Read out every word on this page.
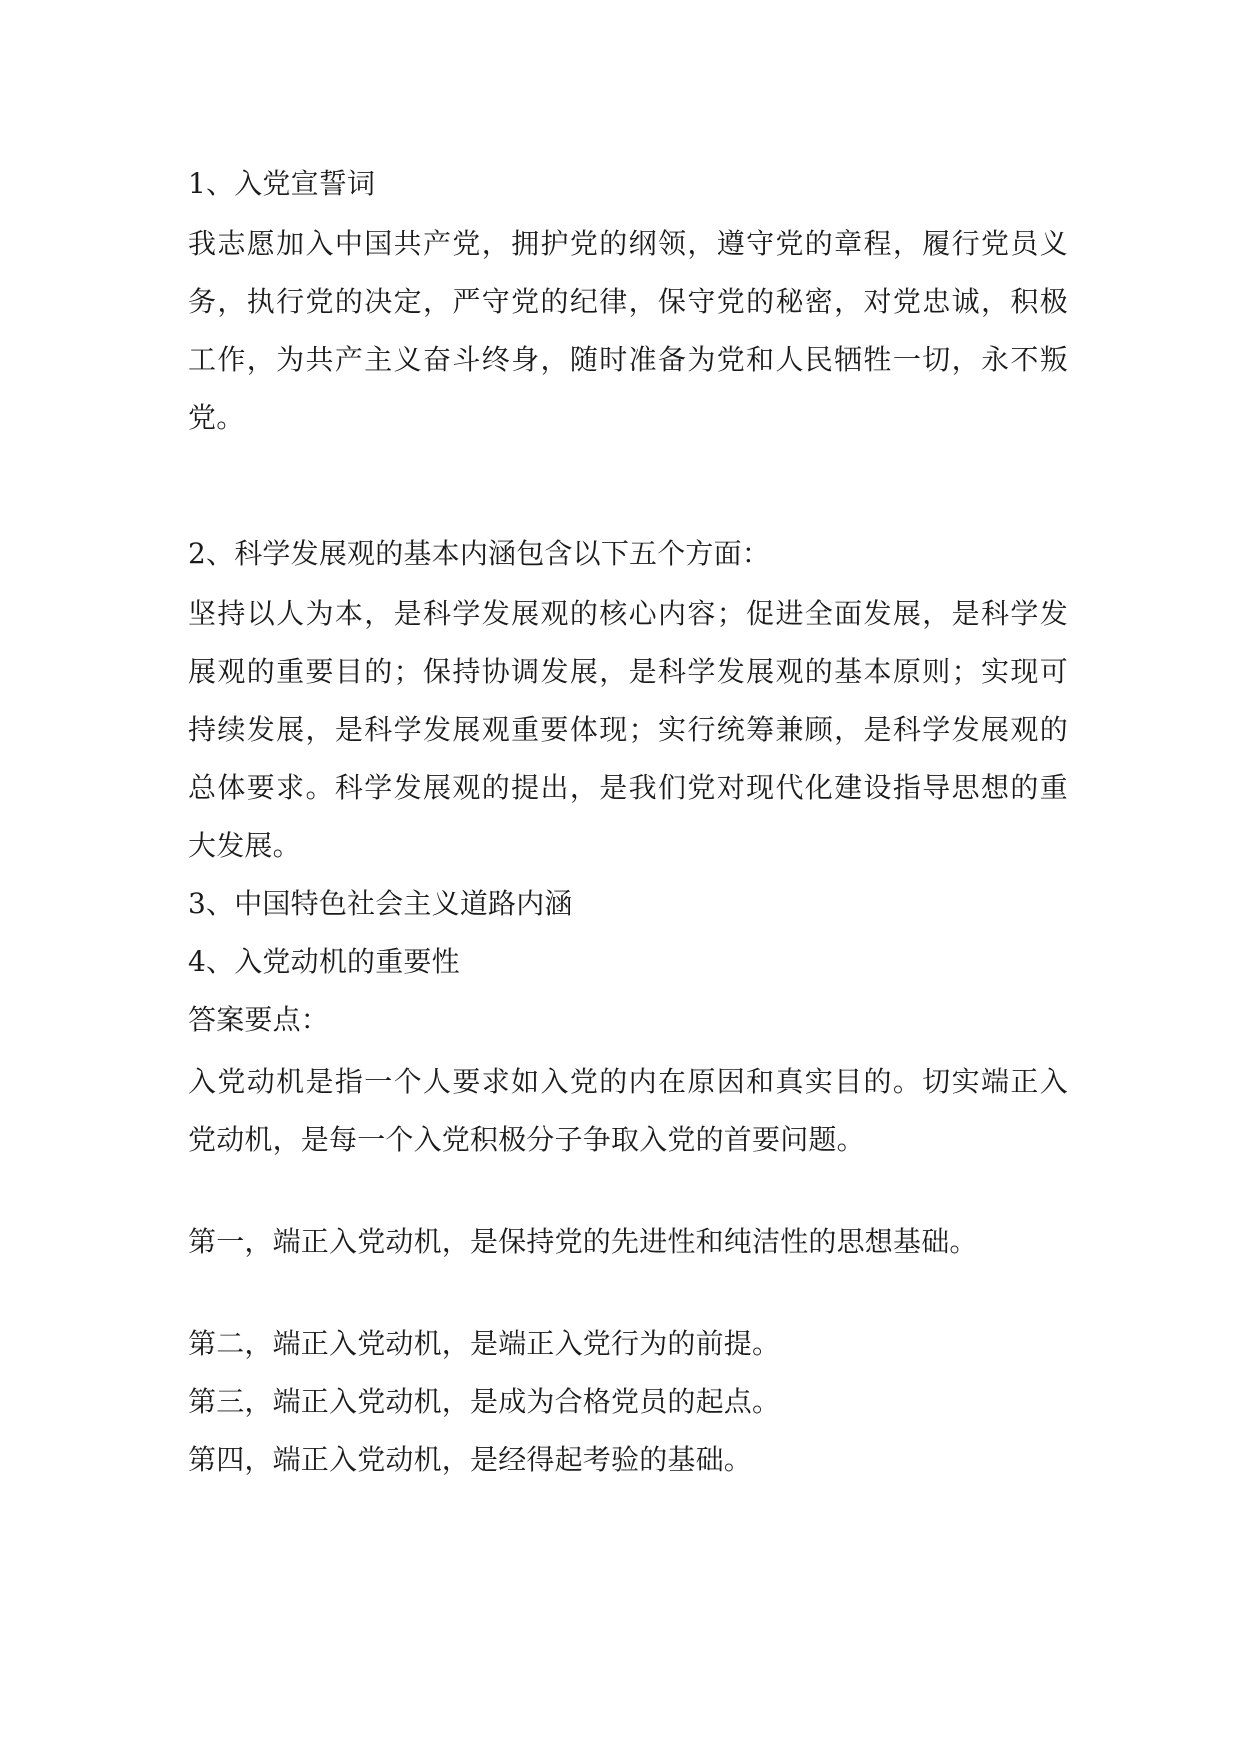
1、入党宣誓词
我志愿加入中国共产党，拥护党的纲领，遵守党的章程，履行党员义
务，执行党的决定，严守党的纪律，保守党的秘密，对党忠诚，积极
工作，为共产主义奋斗终身，随时准备为党和人民牺牲一切，永不叛
党。
2、科学发展观的基本内涵包含以下五个方面：
坚持以人为本，是科学发展观的核心内容；促进全面发展，是科学发
展观的重要目的；保持协调发展，是科学发展观的基本原则；实现可
持续发展，是科学发展观重要体现；实行统筹兼顾，是科学发展观的
总体要求。科学发展观的提出，是我们党对现代化建设指导思想的重
大发展。
3、中国特色社会主义道路内涵
4、入党动机的重要性
答案要点：
入党动机是指一个人要求如入党的内在原因和真实目的。切实端正入
党动机，是每一个入党积极分子争取入党的首要问题。
第一，端正入党动机，是保持党的先进性和纯洁性的思想基础。
第二，端正入党动机，是端正入党行为的前提。
第三，端正入党动机，是成为合格党员的起点。
第四，端正入党动机，是经得起考验的基础。
